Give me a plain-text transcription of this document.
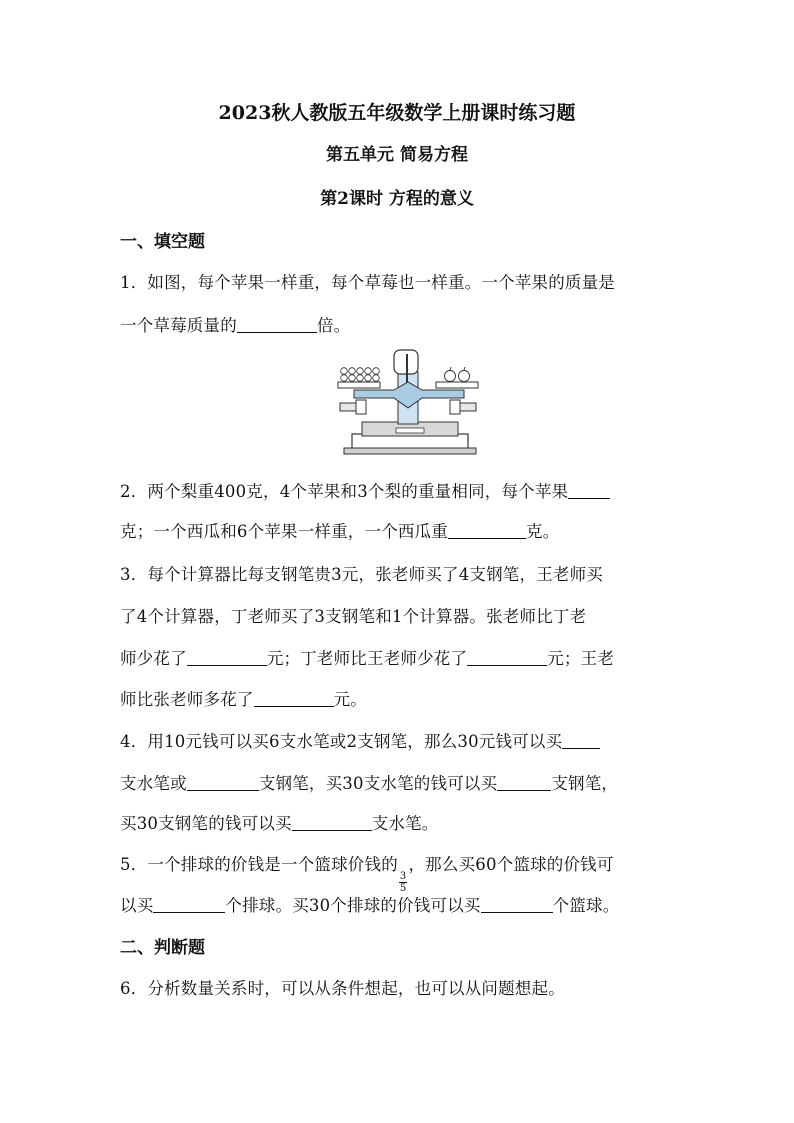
2023秋人教版五年级数学上册课时练习题
第五单元 简易方程
第2课时 方程的意义
一、填空题
1．如图，每个苹果一样重，每个草莓也一样重。一个苹果的质量是
一个草莓质量的	倍。
2．两个梨重400克，4个苹果和3个梨的重量相同，每个苹果
克；一个西瓜和6个苹果一样重，一个西瓜重	克。
3．每个计算器比每支钢笔贵3元，张老师买了4支钢笔，王老师买
了4个计算器，丁老师买了3支钢笔和1个计算器。张老师比丁老
师少花了	元；丁老师比王老师少花了	元；王老
师比张老师多花了	元。
4．用10元钱可以买6支水笔或2支钢笔，那么30元钱可以买
支水笔或	支钢笔，买30支水笔的钱可以买	支钢笔，
买30支钢笔的钱可以买	支水笔。
5．一个排球的价钱是一个篮球价钱的
$\frac{3}{5}$
，那么买60个篮球的价钱可
以买	个排球。买30个排球的价钱可以买	个篮球。
二、判断题
6．分析数量关系时，可以从条件想起，也可以从问题想起。
